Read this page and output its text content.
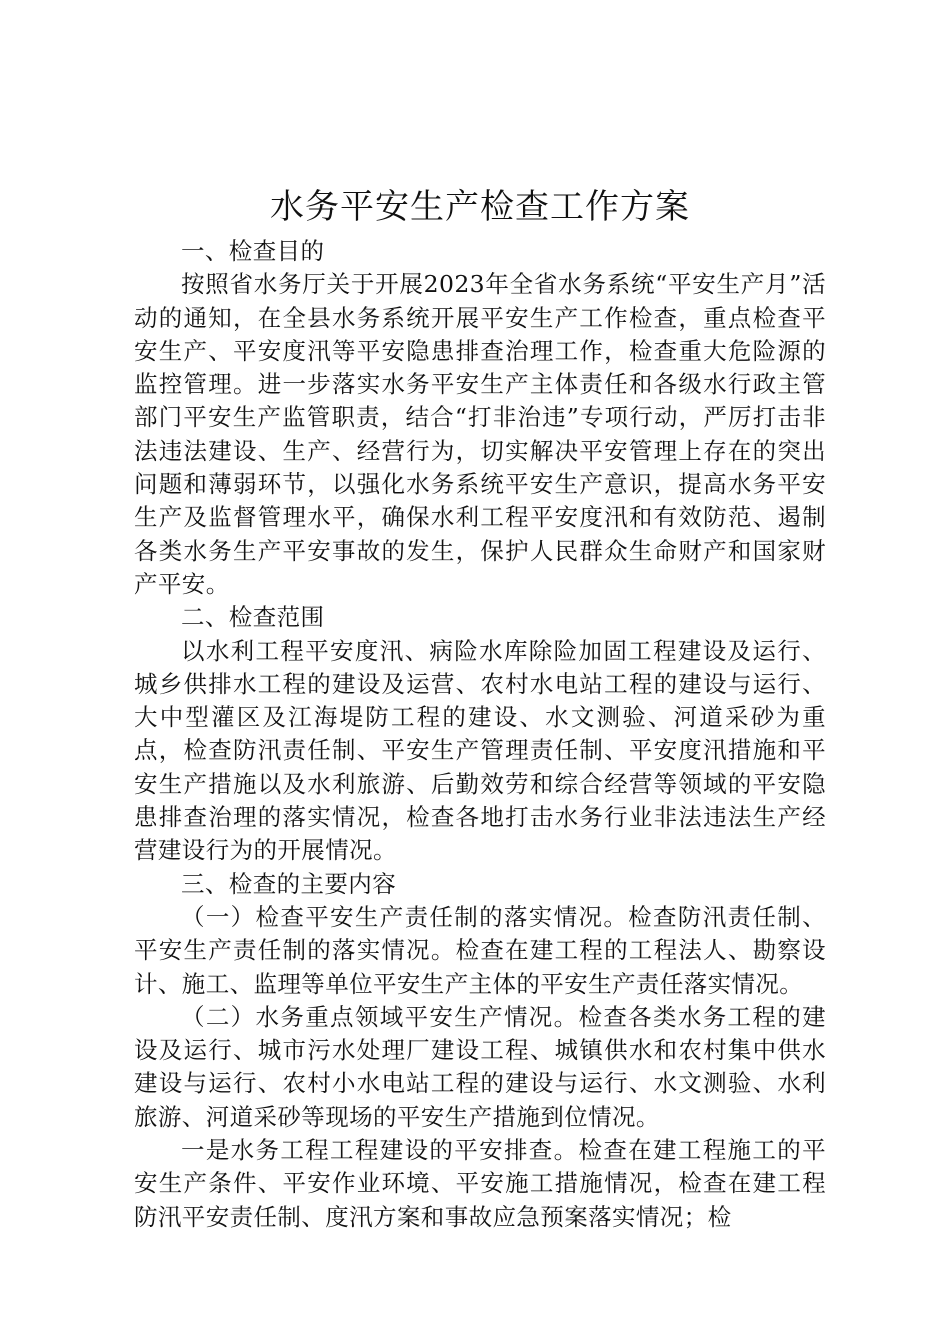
水务平安生产检查工作方案

一、检查目的

按照省水务厅关于开展2023年全省水务系统“平安生产月”活动的通知，在全县水务系统开展平安生产工作检查，重点检查平安生产、平安度汛等平安隐患排查治理工作，检查重大危险源的监控管理。进一步落实水务平安生产主体责任和各级水行政主管部门平安生产监管职责，结合“打非治违”专项行动，严厉打击非法违法建设、生产、经营行为，切实解决平安管理上存在的突出问题和薄弱环节，以强化水务系统平安生产意识，提高水务平安生产及监督管理水平，确保水利工程平安度汛和有效防范、遏制各类水务生产平安事故的发生，保护人民群众生命财产和国家财产平安。

二、检查范围

以水利工程平安度汛、病险水库除险加固工程建设及运行、城乡供排水工程的建设及运营、农村水电站工程的建设与运行、大中型灌区及江海堤防工程的建设、水文测验、河道采砂为重点，检查防汛责任制、平安生产管理责任制、平安度汛措施和平安生产措施以及水利旅游、后勤效劳和综合经营等领域的平安隐患排查治理的落实情况，检查各地打击水务行业非法违法生产经营建设行为的开展情况。

三、检查的主要内容

（一）检查平安生产责任制的落实情况。检查防汛责任制、平安生产责任制的落实情况。检查在建工程的工程法人、勘察设计、施工、监理等单位平安生产主体的平安生产责任落实情况。

（二）水务重点领域平安生产情况。检查各类水务工程的建设及运行、城市污水处理厂建设工程、城镇供水和农村集中供水建设与运行、农村小水电站工程的建设与运行、水文测验、水利旅游、河道采砂等现场的平安生产措施到位情况。

一是水务工程工程建设的平安排查。检查在建工程施工的平安生产条件、平安作业环境、平安施工措施情况，检查在建工程防汛平安责任制、度汛方案和事故应急预案落实情况；检
